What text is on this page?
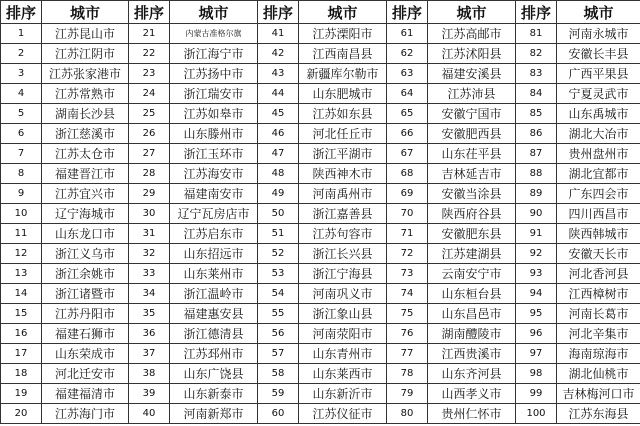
排序	城市	排序	城市	排序	城市	排序	城市	排序	城市
1	江苏昆山市	21	内蒙古准格尔旗	41	江苏溧阳市	61	江苏高邮市	81	河南永城市
2	江苏江阴市	22	浙江海宁市	42	江西南昌县	62	江苏沭阳县	82	安徽长丰县
3	江苏张家港市	23	江苏扬中市	43	新疆库尔勒市	63	福建安溪县	83	广西平果县
4	江苏常熟市	24	浙江瑞安市	44	山东肥城市	64	江苏沛县	84	宁夏灵武市
5	湖南长沙县	25	江苏如皋市	45	江苏如东县	65	安徽宁国市	85	山东禹城市
6	浙江慈溪市	26	山东滕州市	46	河北任丘市	66	安徽肥西县	86	湖北大冶市
7	江苏太仓市	27	浙江玉环市	47	浙江平湖市	67	山东茌平县	87	贵州盘州市
8	福建晋江市	28	江苏海安市	48	陕西神木市	68	吉林延吉市	88	湖北宜都市
9	江苏宜兴市	29	福建南安市	49	河南禹州市	69	安徽当涂县	89	广东四会市
10	辽宁海城市	30	辽宁瓦房店市	50	浙江嘉善县	70	陕西府谷县	90	四川西昌市
11	山东龙口市	31	江苏启东市	51	江苏句容市	71	安徽肥东县	91	陕西韩城市
12	浙江义乌市	32	山东招远市	52	浙江长兴县	72	江苏建湖县	92	安徽天长市
13	浙江余姚市	33	山东莱州市	53	浙江宁海县	73	云南安宁市	93	河北香河县
14	浙江诸暨市	34	浙江温岭市	54	河南巩义市	74	山东桓台县	94	江西樟树市
15	江苏丹阳市	35	福建惠安县	55	浙江象山县	75	山东昌邑市	95	河南长葛市
16	福建石狮市	36	浙江德清县	56	河南荥阳市	76	湖南醴陵市	96	河北辛集市
17	山东荣成市	37	江苏邳州市	57	山东青州市	77	江西贵溪市	97	海南琼海市
18	河北迁安市	38	山东广饶县	58	山东莱西市	78	山东齐河县	98	湖北仙桃市
19	福建福清市	39	山东新泰市	59	山东新沂市	79	山西孝义市	99	吉林梅河口市
20	江苏海门市	40	河南新郑市	60	江苏仪征市	80	贵州仁怀市	100	江苏东海县
